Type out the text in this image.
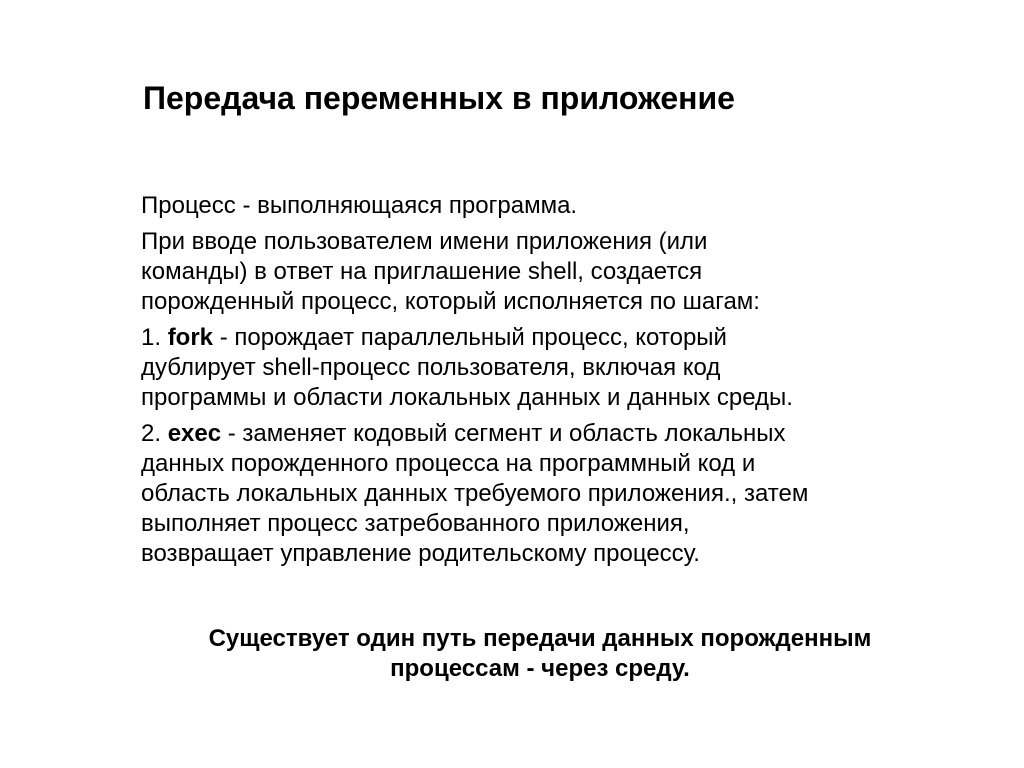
Передача переменных в приложение
Процесс - выполняющаяся программа.
При вводе пользователем имени приложения (или
команды) в ответ на приглашение shell, создается
порожденный процесс, который исполняется по шагам:
1. fork - порождает параллельный процесс, который
дублирует shell-процесс пользователя, включая код
программы и области локальных данных и данных среды.
2. exec - заменяет кодовый сегмент и область локальных
данных порожденного процесса на программный код и
область локальных данных требуемого приложения., затем
выполняет процесс затребованного приложения,
возвращает управление родительскому процессу.
Существует один путь передачи данных порожденным
процессам - через среду.
